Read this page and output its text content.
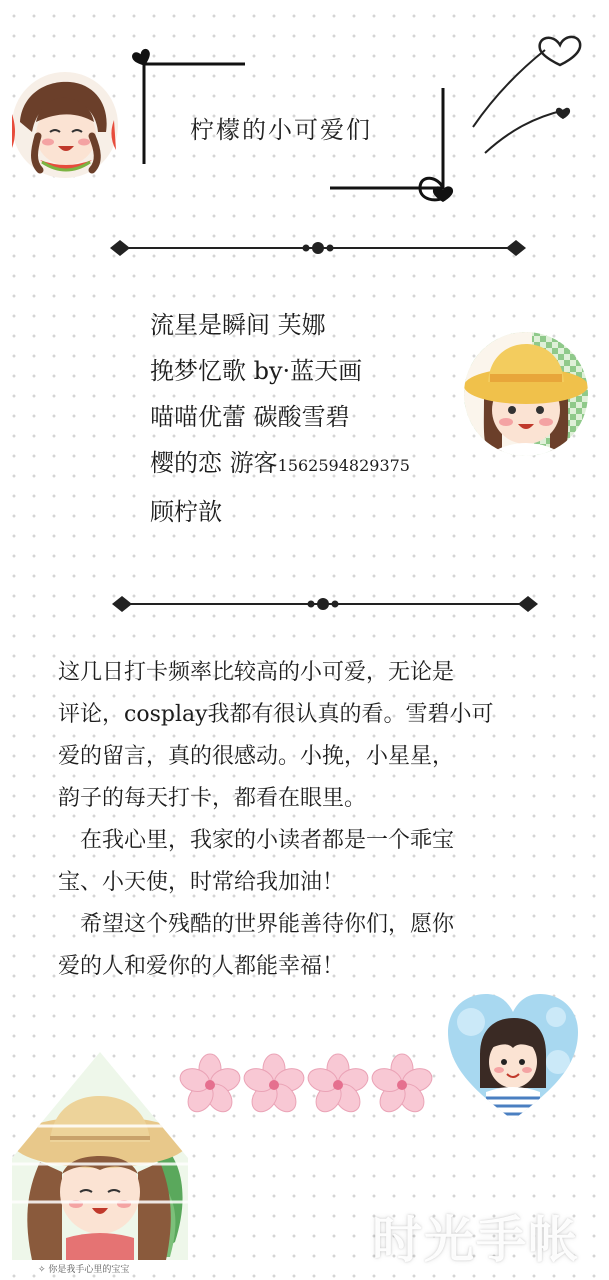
柠檬的小可爱们
流星是瞬间 芙娜
挽梦忆歌 by·蓝天画
喵喵优蕾 碳酸雪碧
樱的恋 游客15625948293​75
顾柠歆
这几日打卡频率比较高的小可爱，无论是
评论，cosplay我都有很认真的看。雪碧小可
爱的留言，真的很感动。小挽，小星星，
韵子的每天打卡，都看在眼里。
　在我心里，我家的小读者都是一个乖宝
宝、小天使，时常给我加油！
　希望这个残酷的世界能善待你们，愿你
爱的人和爱你的人都能幸福！
✧ 你是我手心里的宝宝
时光手帐
